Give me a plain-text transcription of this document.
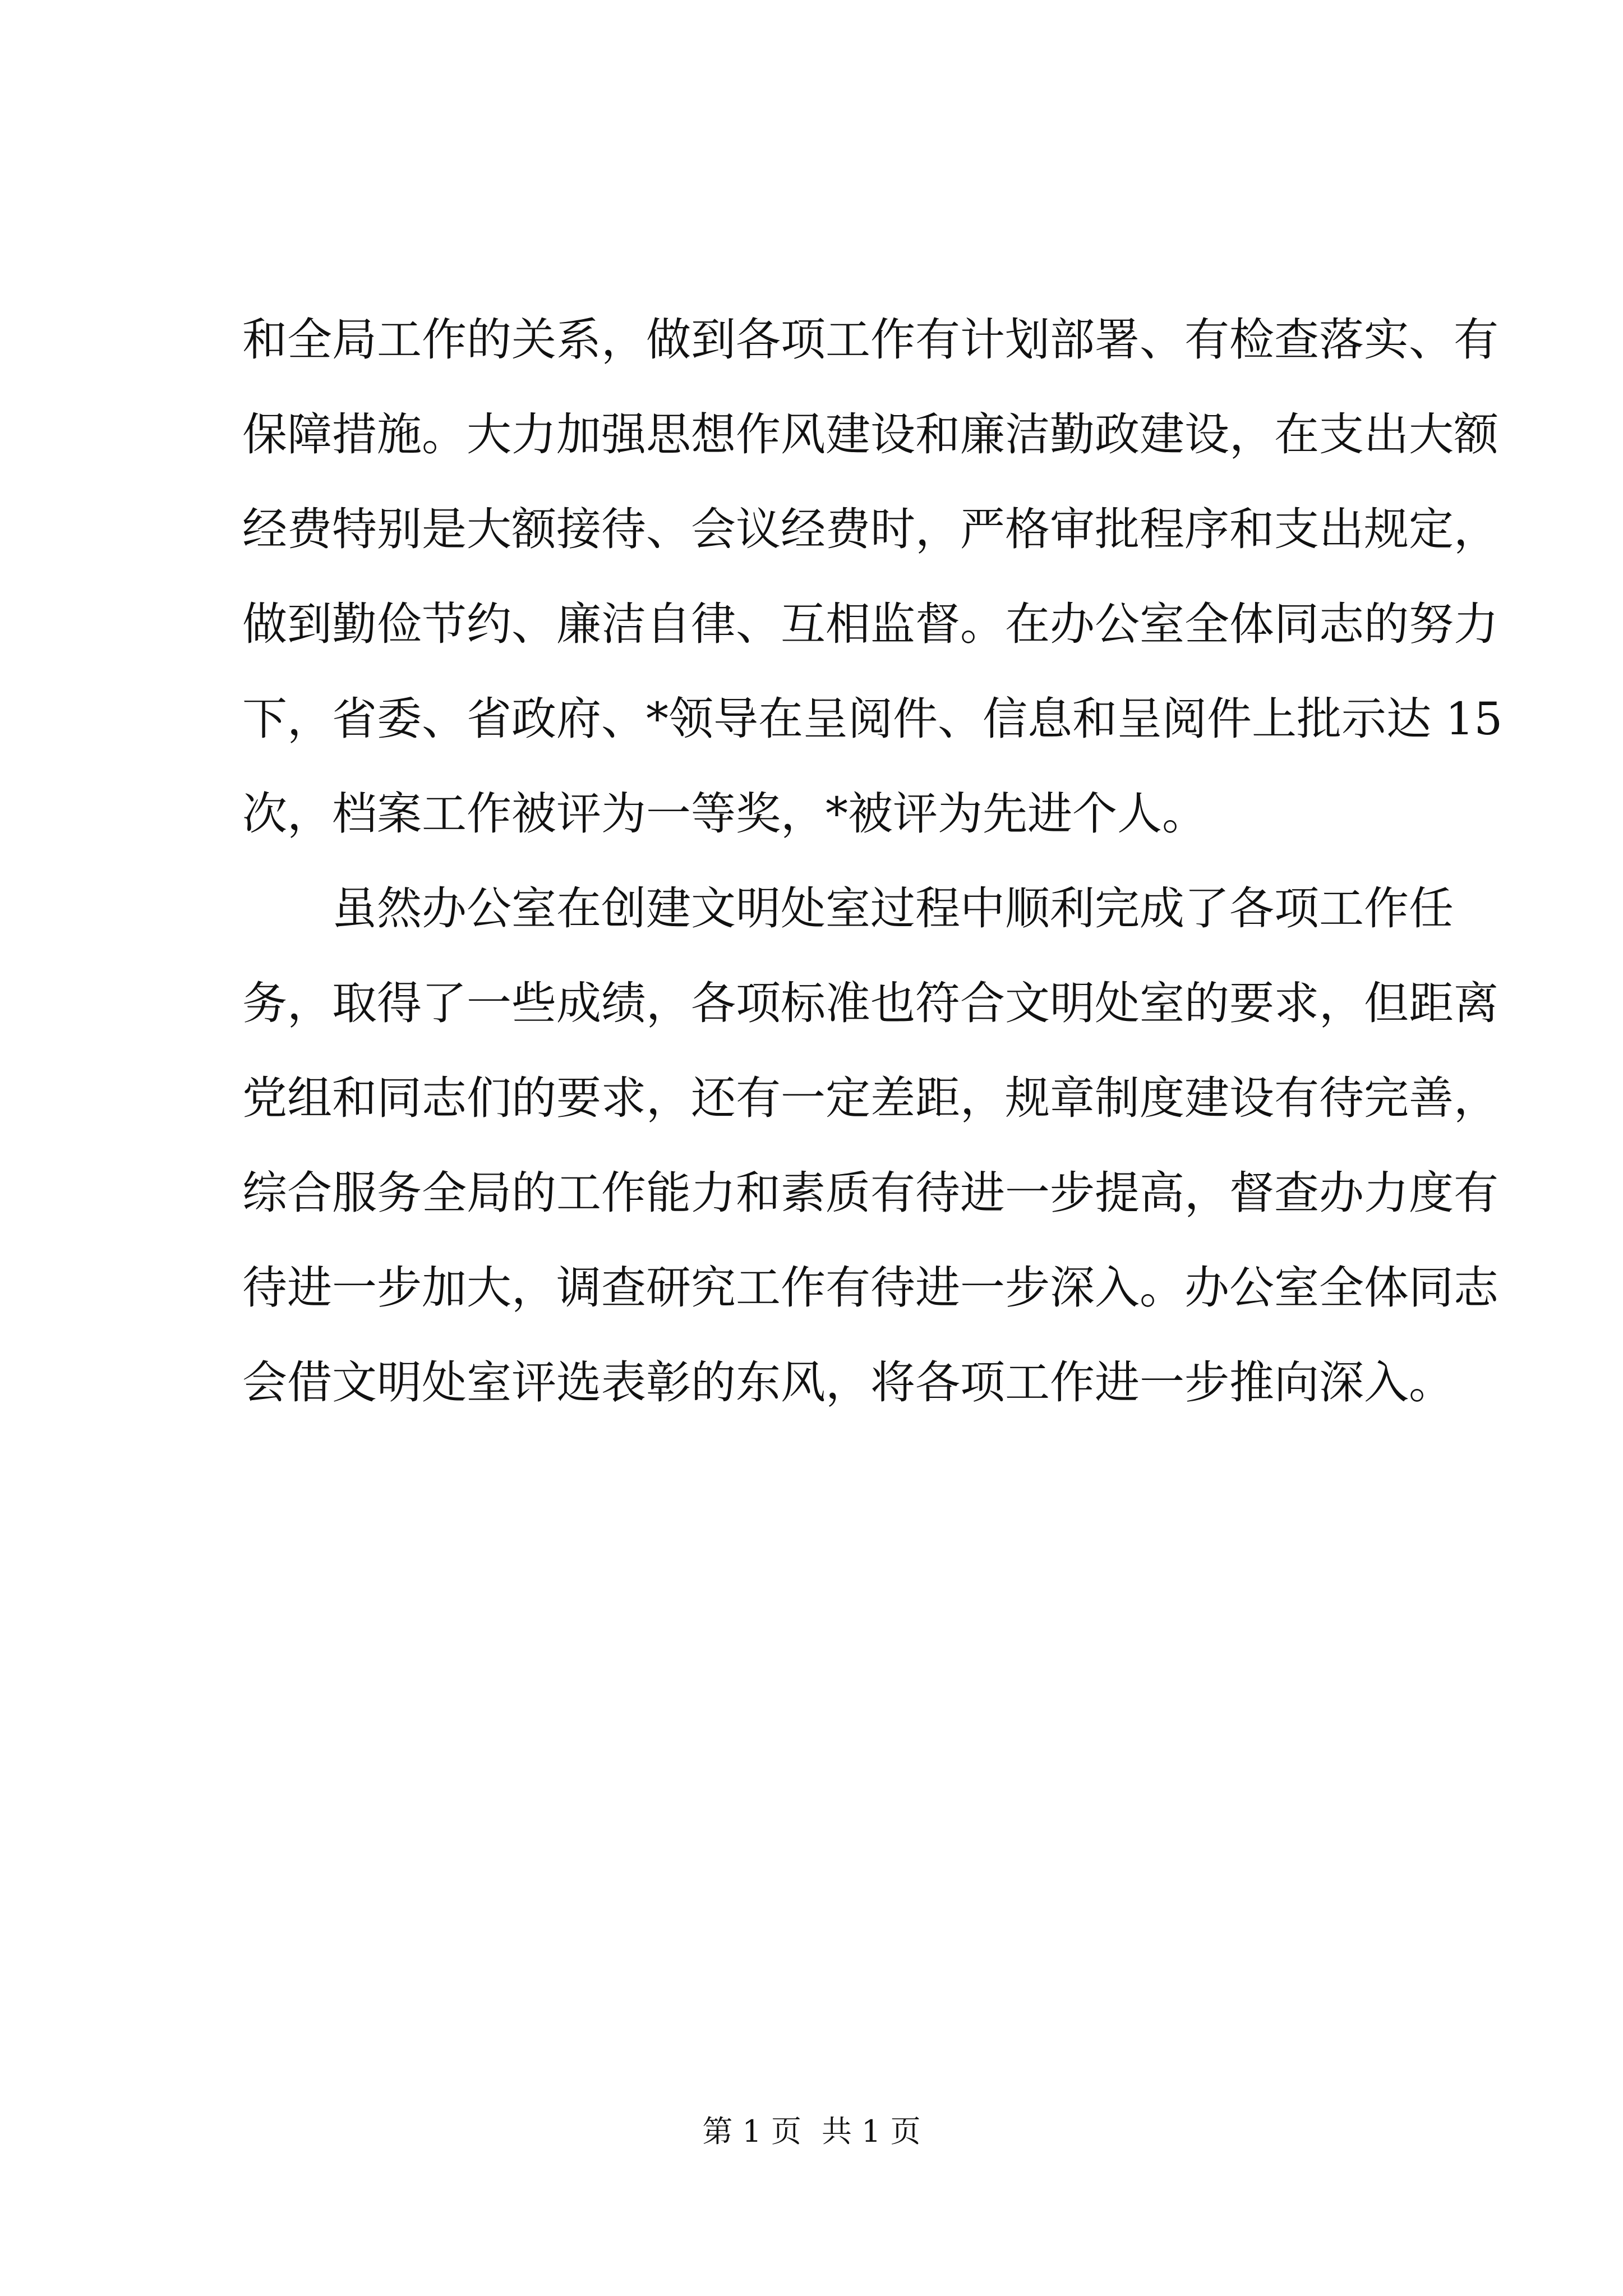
和全局工作的关系，做到各项工作有计划部署、有检查落实、有
保障措施。大力加强思想作风建设和廉洁勤政建设，在支出大额
经费特别是大额接待、会议经费时，严格审批程序和支出规定，
做到勤俭节约、廉洁自律、互相监督。在办公室全体同志的努力
下，省委、省政府、*领导在呈阅件、信息和呈阅件上批示达 15
次，档案工作被评为一等奖，*被评为先进个人。
虽然办公室在创建文明处室过程中顺利完成了各项工作任
务，取得了一些成绩，各项标准也符合文明处室的要求，但距离
党组和同志们的要求，还有一定差距，规章制度建设有待完善，
综合服务全局的工作能力和素质有待进一步提高，督查办力度有
待进一步加大，调查研究工作有待进一步深入。办公室全体同志
会借文明处室评选表彰的东风，将各项工作进一步推向深入。
第 1 页 共 1 页
